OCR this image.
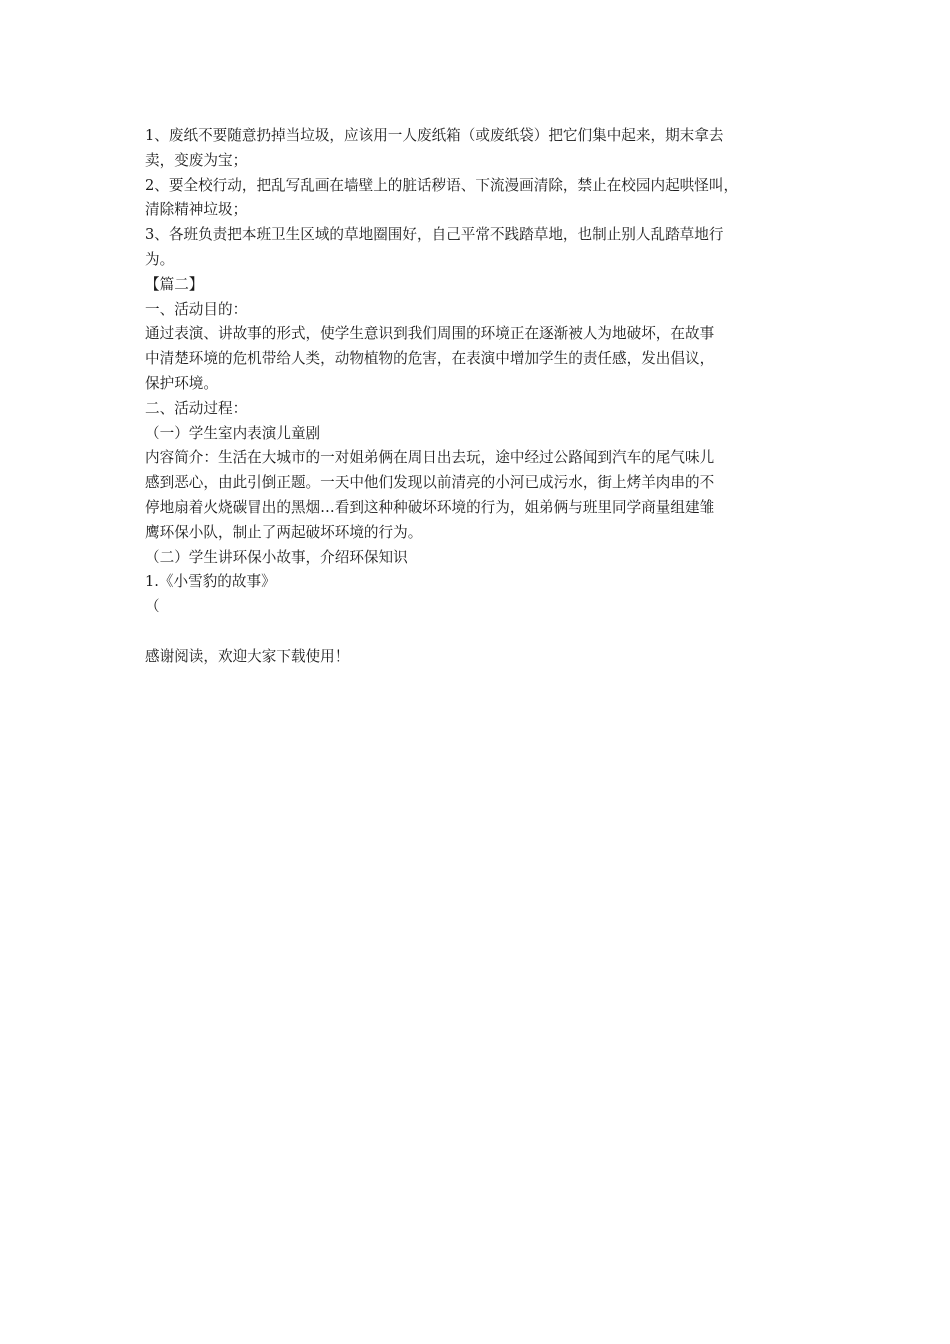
1、废纸不要随意扔掉当垃圾，应该用一人废纸箱（或废纸袋）把它们集中起来，期末拿去
卖，变废为宝；
2、要全校行动，把乱写乱画在墙壁上的脏话秽语、下流漫画清除，禁止在校园内起哄怪叫，
清除精神垃圾；
3、各班负责把本班卫生区域的草地圈围好，自己平常不践踏草地，也制止别人乱踏草地行
为。
【篇二】
一、活动目的：
通过表演、讲故事的形式，使学生意识到我们周围的环境正在逐渐被人为地破坏，在故事
中清楚环境的危机带给人类，动物植物的危害，在表演中增加学生的责任感，发出倡议，
保护环境。
二、活动过程：
（一）学生室内表演儿童剧
内容简介：生活在大城市的一对姐弟俩在周日出去玩，途中经过公路闻到汽车的尾气味儿
感到恶心，由此引倒正题。一天中他们发现以前清亮的小河已成污水，街上烤羊肉串的不
停地扇着火烧碳冒出的黑烟…看到这种种破坏环境的行为，姐弟俩与班里同学商量组建雏
鹰环保小队，制止了两起破坏环境的行为。
（二）学生讲环保小故事，介绍环保知识
1.《小雪豹的故事》
（
感谢阅读，欢迎大家下载使用！
